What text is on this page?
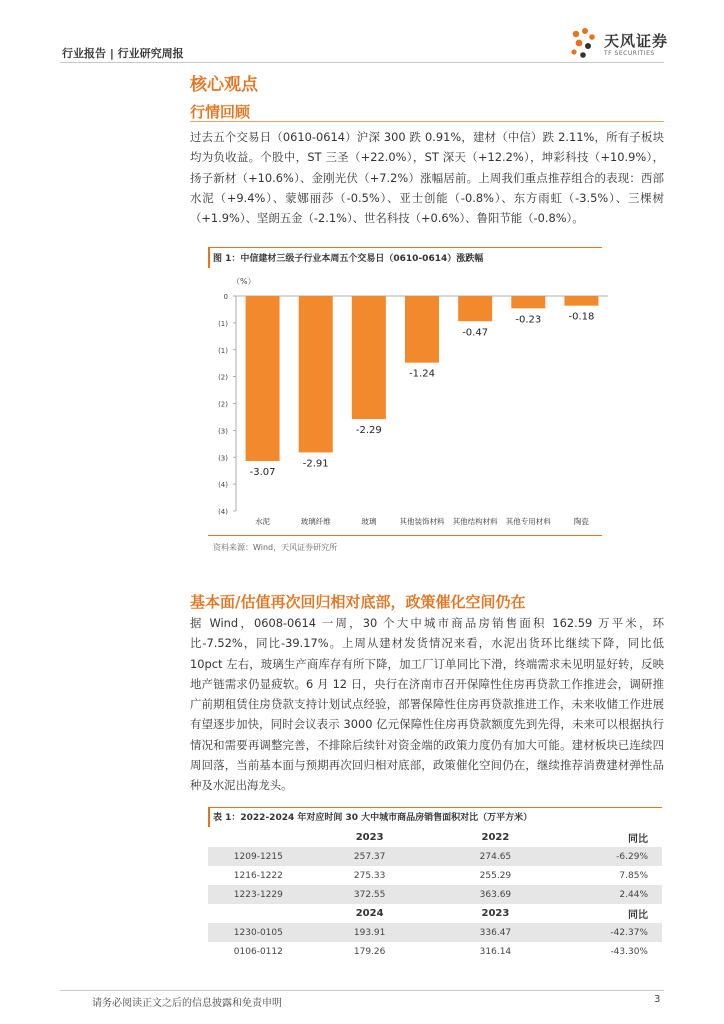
行业报告 | 行业研究周报
天风证券
TF SECURITIES
核心观点
行情回顾

过去五个交易日（0610-0614）沪深 300 跌 0.91%，建材（中信）跌 2.11%，所有子板块均为负收益。个股中，ST 三圣（+22.0%），ST 深天（+12.2%），坤彩科技（+10.9%），扬子新材（+10.6%）、金刚光伏（+7.2%）涨幅居前。上周我们重点推荐组合的表现：西部水泥（+9.4%）、蒙娜丽莎（-0.5%）、亚士创能（-0.8%）、东方雨虹（-3.5%）、三棵树（+1.9%）、坚朗五金（-2.1%）、世名科技（+0.6%）、鲁阳节能（-0.8%）。

图 1：中信建材三级子行业本周五个交易日（0610-0614）涨跌幅
（%）
0
(1)
(1)
(2)
(2)
(3)
(3)
(4)
(4)
-3.07
水泥
-2.91
玻璃纤维
-2.29
玻璃
-1.24
其他装饰材料
-0.47
其他结构材料
-0.23
其他专用材料
-0.18
陶瓷
资料来源：Wind，天风证券研究所
基本面/估值再次回归相对底部，政策催化空间仍在

据 Wind，0608-0614 一周，30 个大中城市商品房销售面积 162.59 万平米，环比-7.52%，同比-39.17%。上周从建材发货情况来看，水泥出货环比继续下降，同比低 10pct 左右，玻璃生产商库存有所下降，加工厂订单同比下滑，终端需求未见明显好转，反映地产链需求仍显疲软。6 月 12 日，央行在济南市召开保障性住房再贷款工作推进会，调研推广前期租赁住房贷款支持计划试点经验，部署保障性住房再贷款推进工作，未来收储工作进展有望逐步加快，同时会议表示 3000 亿元保障性住房再贷款额度先到先得，未来可以根据执行情况和需要再调整完善，不排除后续针对资金端的政策力度仍有加大可能。建材板块已连续四周回落，当前基本面与预期再次回归相对底部，政策催化空间仍在，继续推荐消费建材弹性品种及水泥出海龙头。

表 1：2022-2024 年对应时间 30 大中城市商品房销售面积对比（万平方米）
	2023	2022	同比
1209-1215	257.37	274.65	-6.29%
1216-1222	275.33	255.29	7.85%
1223-1229	372.55	363.69	2.44%
	2024	2023	同比
1230-0105	193.91	336.47	-42.37%
0106-0112	179.26	316.14	-43.30%
请务必阅读正文之后的信息披露和免责申明	3
